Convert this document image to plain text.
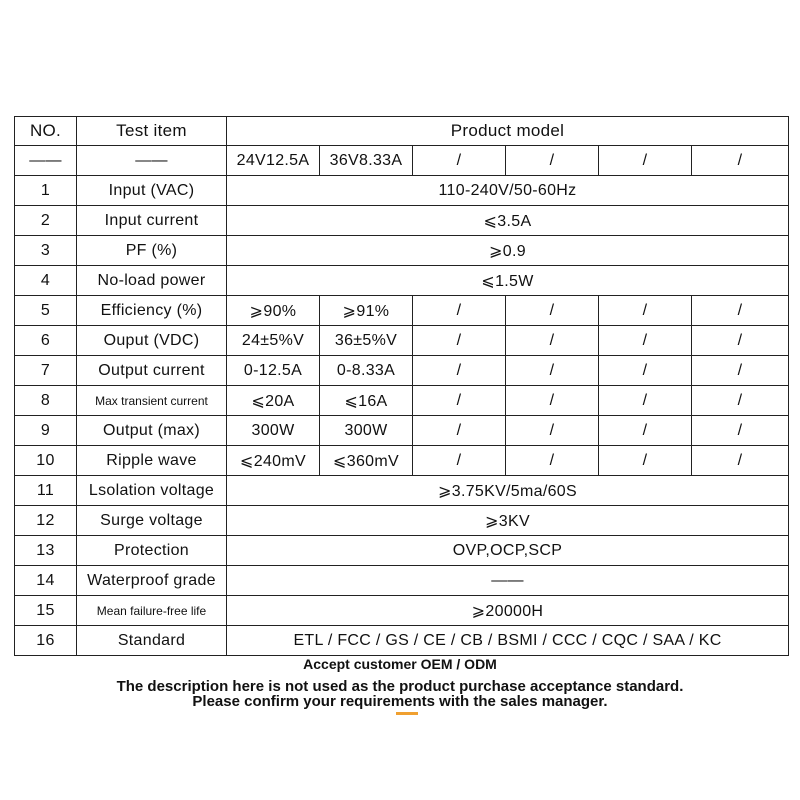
NO.	Test item	Product model					
——	——	24V12.5A	36V8.33A	/	/	/	/
1	Input (VAC)	110-240V/50-60Hz					
2	Input current	⩽3.5A					
3	PF (%)	⩾0.9					
4	No-load power	⩽1.5W					
5	Efficiency (%)	⩾90%	⩾91%	/	/	/	/
6	Ouput (VDC)	24±5%V	36±5%V	/	/	/	/
7	Output current	0-12.5A	0-8.33A	/	/	/	/
8	Max transient current	⩽20A	⩽16A	/	/	/	/
9	Output (max)	300W	300W	/	/	/	/
10	Ripple wave	⩽240mV	⩽360mV	/	/	/	/
11	Lsolation voltage	⩾3.75KV/5ma/60S					
12	Surge voltage	⩾3KV					
13	Protection	OVP,OCP,SCP					
14	Waterproof grade	——					
15	Mean failure-free life	⩾20000H					
16	Standard	ETL / FCC / GS / CE / CB / BSMI / CCC / CQC / SAA / KC					
Accept customer OEM / ODM
The description here is not used as the product purchase acceptance standard.
Please confirm your requirements with the sales manager.
